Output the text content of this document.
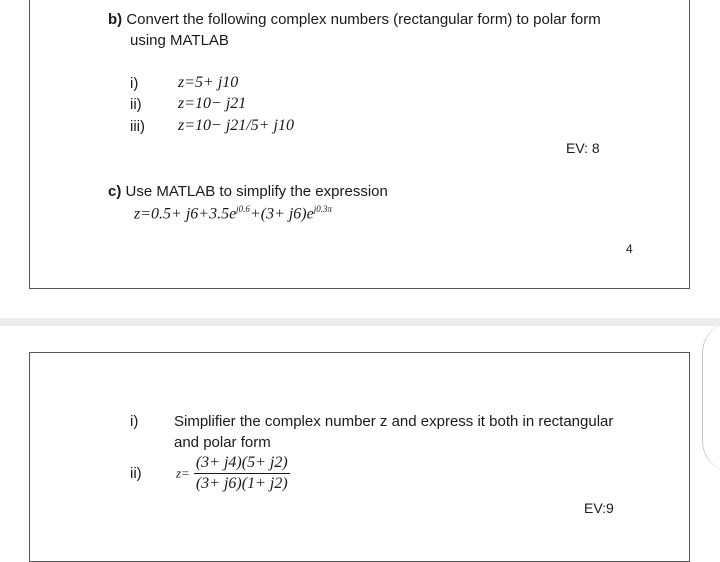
b) Convert the following complex numbers (rectangular form) to polar form
using MATLAB
i) z=5+ j10
ii) z=10− j21
iii) z=10− j21/5+ j10
EV: 8
c) Use MATLAB to simplify the expression
$z=0.5+ j6+3.5e^{j0.6}+(3+ j6)e^{j0.3\pi}$
4
i) Simplifier the complex number z and express it both in rectangular
and polar form
ii)	$z= \frac{(3+ j4)(5+ j2)}{(3+ j6)(1+ j2)}$
EV:9
